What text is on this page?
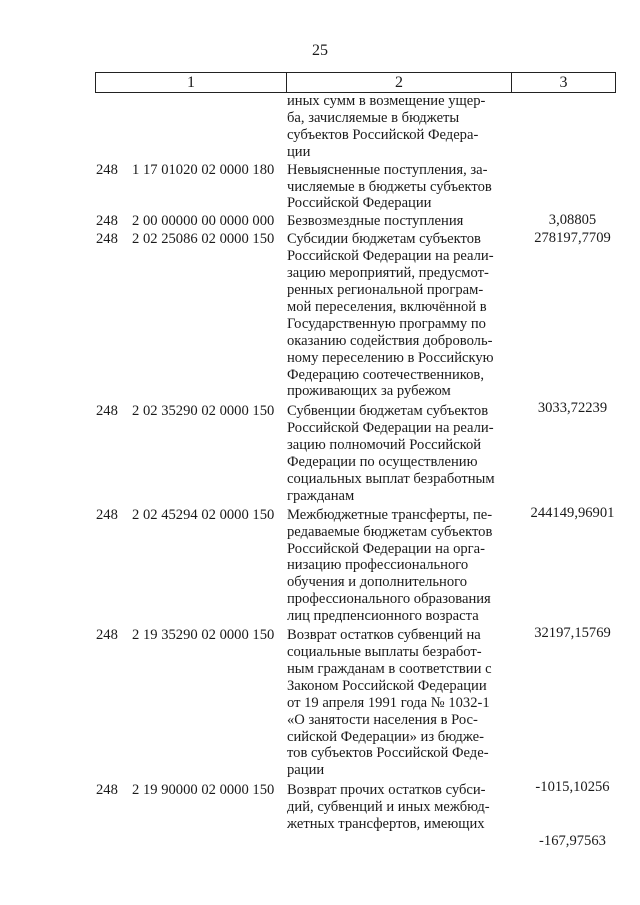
25
1	2	3
иных сумм в возмещение ущер-
ба, зачисляемые в бюджеты
субъектов Российской Федера-
ции
248 1 17 01020 02 0000 180 Невыясненные поступления, за-
числяемые в бюджеты субъектов
Российской Федерации
3,08805
248 2 00 00000 00 0000 000 Безвозмездные поступления
278197,7709
248 2 02 25086 02 0000 150 Субсидии бюджетам субъектов
Российской Федерации на реали-
зацию мероприятий, предусмот-
ренных региональной програм-
мой переселения, включённой в
Государственную программу по
оказанию содействия доброволь-
ному переселению в Российскую
Федерацию соотечественников,
проживающих за рубежом
3033,72239
248 2 02 35290 02 0000 150 Субвенции бюджетам субъектов
Российской Федерации на реали-
зацию полномочий Российской
Федерации по осуществлению
социальных выплат безработным
гражданам
244149,96901
248 2 02 45294 02 0000 150 Межбюджетные трансферты, пе-
редаваемые бюджетам субъектов
Российской Федерации на орга-
низацию профессионального
обучения и дополнительного
профессионального образования
лиц предпенсионного возраста
32197,15769
248 2 19 35290 02 0000 150 Возврат остатков субвенций на
социальные выплаты безработ-
ным гражданам в соответствии с
Законом Российской Федерации
от 19 апреля 1991 года № 1032-1
«О занятости населения в Рос-
сийской Федерации» из бюдже-
тов субъектов Российской Феде-
рации
-1015,10256
248 2 19 90000 02 0000 150 Возврат прочих остатков субси-
дий, субвенций и иных межбюд-
жетных трансфертов, имеющих
-167,97563
